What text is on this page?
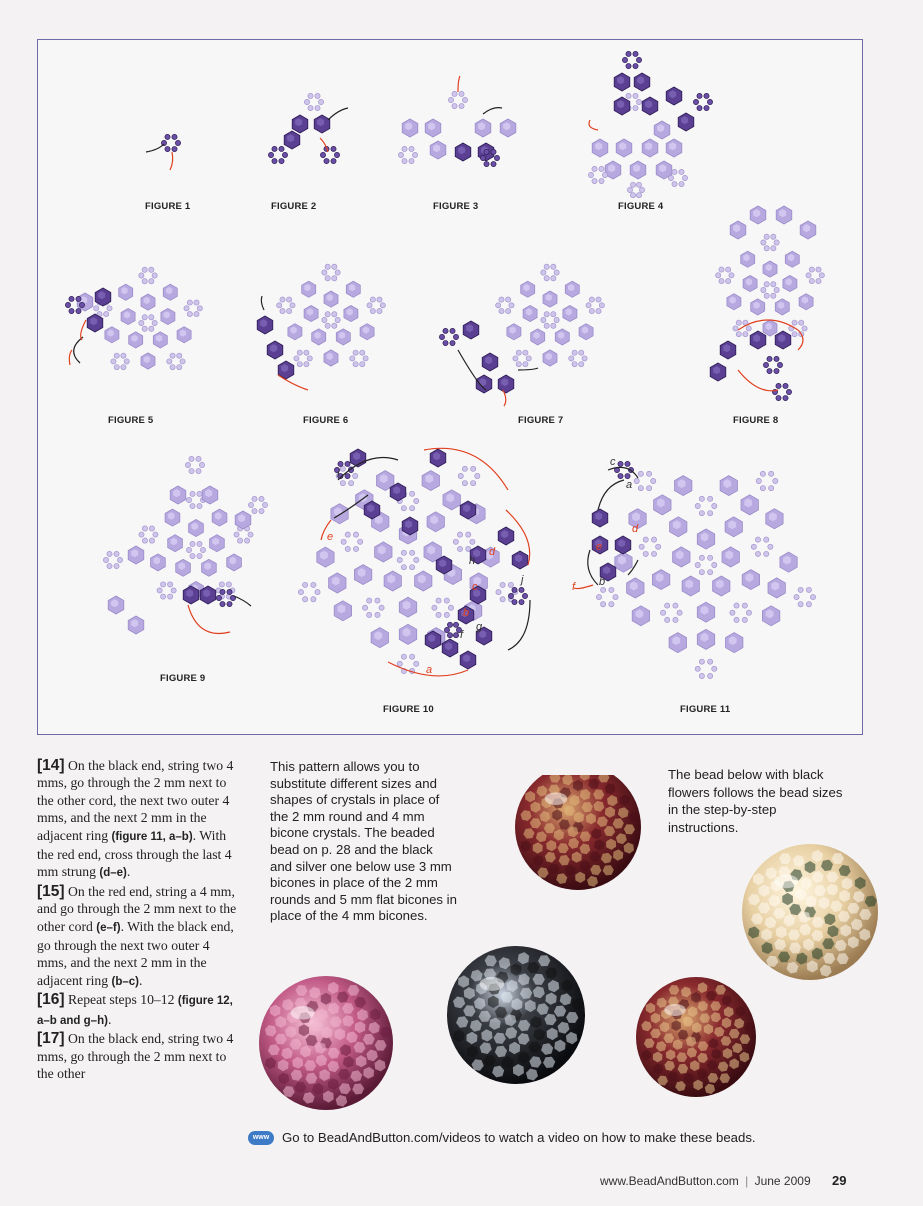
i
e
h
d
c
b
g
f
a
j
c
a
d
e
f b
FIGURE 1	FIGURE 2	FIGURE 3	FIGURE 4
FIGURE 5	FIGURE 6	FIGURE 7	FIGURE 8
FIGURE 9
FIGURE 10	FIGURE 11

[14] On the black end, string two 4 mms, go through the 2 mm next to the other cord, the next two outer 4 mms, and the next 2 mm in the adjacent ring (figure 11, a–b). With the red end, cross through the last 4 mm strung (d–e).

[15] On the red end, string a 4 mm, and go through the 2 mm next to the other cord (e–f). With the black end, go through the next two outer 4 mms, and the next 2 mm in the adjacent ring (b–c).

[16] Repeat steps 10–12 (figure 12, a–b and g–h).

[17] On the black end, string two 4 mms, go through the 2 mm next to the other

This pattern allows you to substitute different sizes and shapes of crystals in place of the 2 mm round and 4 mm bicone crystals. The beaded bead on p. 28 and the black and silver one below use 3 mm bicones in place of the 2 mm rounds and 5 mm flat bicones in place of the 4 mm bicones.
The bead below with black flowers follows the bead sizes in the step-by-step instructions.
www Go to BeadAndButton.com/videos to watch a video on how to make these beads.
www.BeadAndButton.com | June 2009 29
